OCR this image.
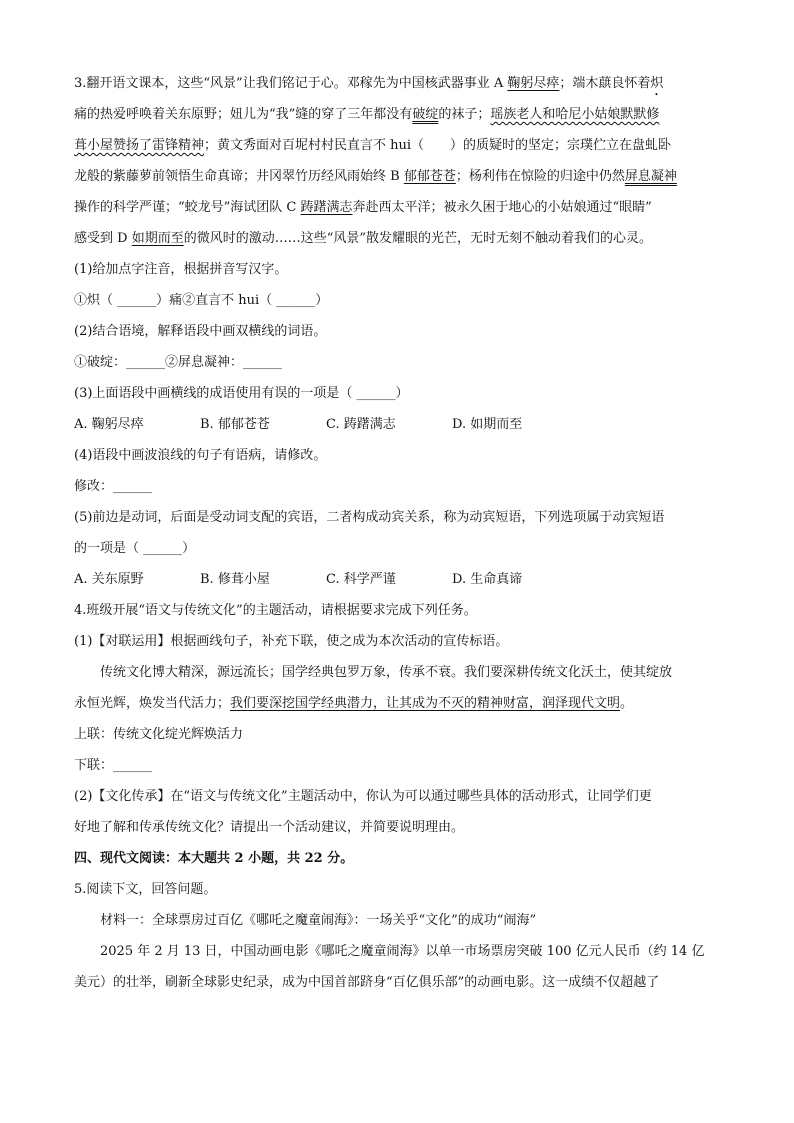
3.翻开语文课本，这些“风景”让我们铭记于心。邓稼先为中国核武器事业 A 鞠躬尽瘁；端木蕻良怀着炽
痛的热爱呼唤着关东原野；妞儿为“我”缝的穿了三年都没有破绽的袜子；瑶族老人和哈尼小姑娘默默修
葺小屋赞扬了雷锋精神；黄文秀面对百坭村村民直言不 hui（　　）的质疑时的坚定；宗璞伫立在盘虬卧
龙般的紫藤萝前领悟生命真谛；井冈翠竹历经风雨始终 B 郁郁苍苍；杨利伟在惊险的归途中仍然屏息凝神
操作的科学严谨；“蛟龙号”海试团队 C 踌躇满志奔赴西太平洋；被永久困于地心的小姑娘通过“眼睛”
感受到 D 如期而至的微风时的激动……这些“风景”散发耀眼的光芒，无时无刻不触动着我们的心灵。
(1)给加点字注音，根据拼音写汉字。
①炽（ ______）痛②直言不 hui（ ______）
(2)结合语境，解释语段中画双横线的词语。
①破绽：______②屏息凝神：______
(3)上面语段中画横线的成语使用有误的一项是（ ______）
A. 鞠躬尽瘁	B. 郁郁苍苍	C. 踌躇满志	D. 如期而至
(4)语段中画波浪线的句子有语病，请修改。
修改：______
(5)前边是动词，后面是受动词支配的宾语，二者构成动宾关系，称为动宾短语，下列选项属于动宾短语
的一项是（ ______）
A. 关东原野	B. 修葺小屋	C. 科学严谨	D. 生命真谛
4.班级开展“语文与传统文化”的主题活动，请根据要求完成下列任务。
(1)【对联运用】根据画线句子，补充下联，使之成为本次活动的宣传标语。
传统文化博大精深，源远流长；国学经典包罗万象，传承不衰。我们要深耕传统文化沃土，使其绽放
永恒光辉，焕发当代活力；我们要深挖国学经典潜力，让其成为不灭的精神财富，润泽现代文明。
上联：传统文化绽光辉焕活力
下联：______
(2)【文化传承】在“语文与传统文化”主题活动中，你认为可以通过哪些具体的活动形式，让同学们更
好地了解和传承传统文化？请提出一个活动建议，并简要说明理由。
四、现代文阅读：本大题共 2 小题，共 22 分。
5.阅读下文，回答问题。
材料一：全球票房过百亿《哪吒之魔童闹海》：一场关乎“文化”的成功“闹海”
2025 年 2 月 13 日，中国动画电影《哪吒之魔童闹海》以单一市场票房突破 100 亿元人民币（约 14 亿
美元）的壮举，刷新全球影史纪录，成为中国首部跻身“百亿俱乐部”的动画电影。这一成绩不仅超越了
